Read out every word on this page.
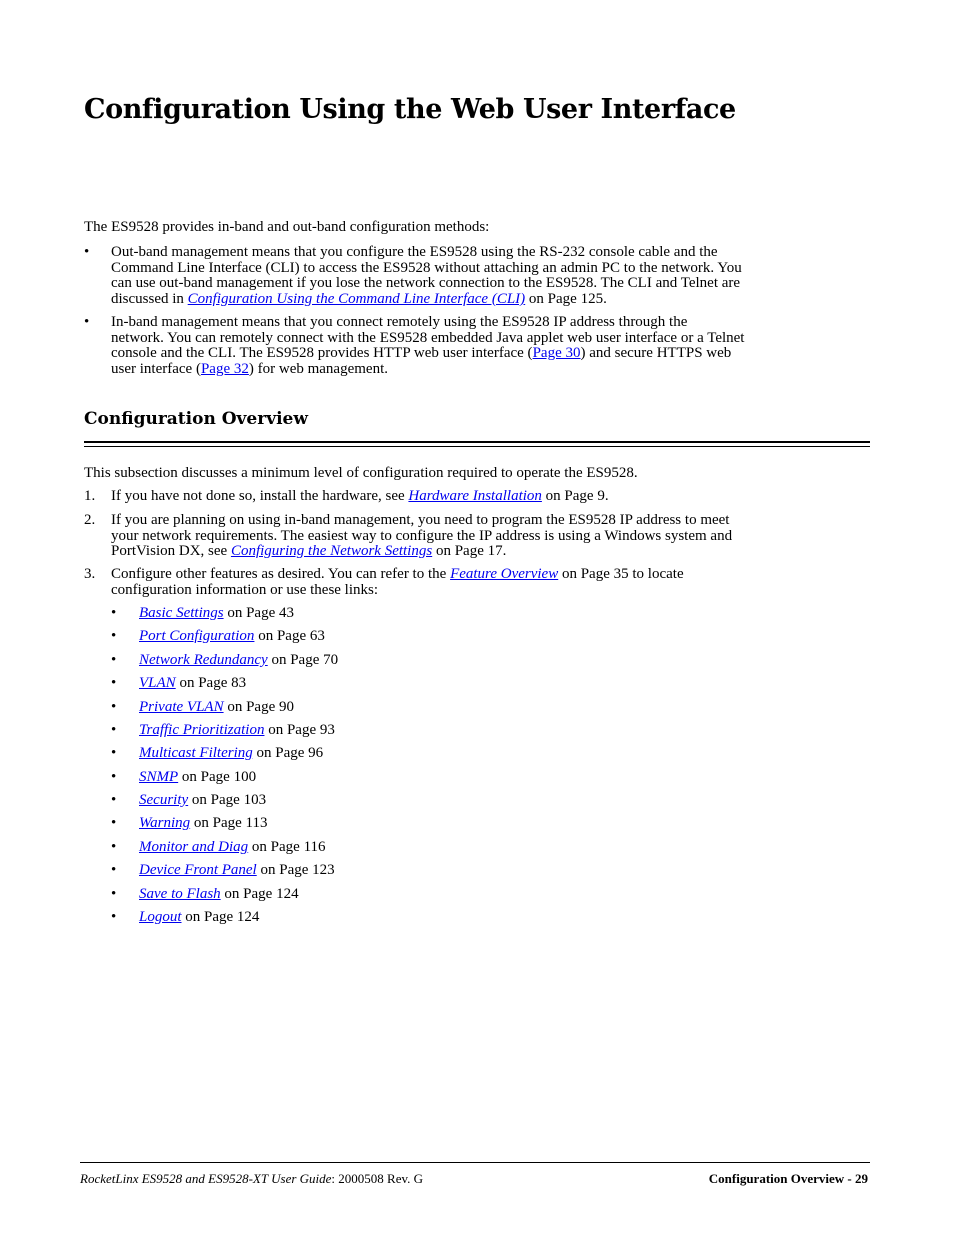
Configuration Using the Web User Interface

The ES9528 provides in-band and out-band configuration methods:

• Out-band management means that you configure the ES9528 using the RS-232 console cable and the
Command Line Interface (CLI) to access the ES9528 without attaching an admin PC to the network. You
can use out-band management if you lose the network connection to the ES9528. The CLI and Telnet are
discussed in Configuration Using the Command Line Interface (CLI) on Page 125.
• In-band management means that you connect remotely using the ES9528 IP address through the
network. You can remotely connect with the ES9528 embedded Java applet web user interface or a Telnet
console and the CLI. The ES9528 provides HTTP web user interface (Page 30) and secure HTTPS web
user interface (Page 32) for web management.
Configuration Overview

This subsection discusses a minimum level of configuration required to operate the ES9528.

1. If you have not done so, install the hardware, see Hardware Installation on Page 9.
2. If you are planning on using in-band management, you need to program the ES9528 IP address to meet
your network requirements. The easiest way to configure the IP address is using a Windows system and
PortVision DX, see Configuring the Network Settings on Page 17.
3. Configure other features as desired. You can refer to the Feature Overview on Page 35 to locate
configuration information or use these links:
• Basic Settings on Page 43
• Port Configuration on Page 63
• Network Redundancy on Page 70
• VLAN on Page 83
• Private VLAN on Page 90
• Traffic Prioritization on Page 93
• Multicast Filtering on Page 96
• SNMP on Page 100
• Security on Page 103
• Warning on Page 113
• Monitor and Diag on Page 116
• Device Front Panel on Page 123
• Save to Flash on Page 124
• Logout on Page 124
RocketLinx ES9528 and ES9528-XT User Guide: 2000508 Rev. G	Configuration Overview - 29
